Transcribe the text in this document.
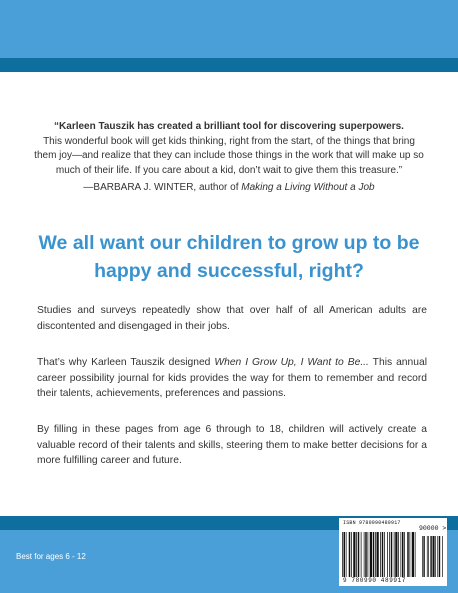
“Karleen Tauszik has created a brilliant tool for discovering superpowers.
This wonderful book will get kids thinking, right from the start, of the things that bring them joy—and realize that they can include those things in the work that will make up so much of their life. If you care about a kid, don’t wait to give them this treasure.”
—BARBARA J. WINTER, author of Making a Living Without a Job
We all want our children to grow up to be happy and successful, right?

Studies and surveys repeatedly show that over half of all American adults are discontented and disengaged in their jobs.

That’s why Karleen Tauszik designed When I Grow Up, I Want to Be... This annual career possibility journal for kids provides the way for them to remember and record their talents, achievements, preferences and passions.

By filling in these pages from age 6 through to 18, children will actively create a valuable record of their talents and skills, steering them to make better decisions for a more fulfilling career and future.

Best for ages 6 - 12
ISBN 9780990489917
90000 >
9 780990 489917
